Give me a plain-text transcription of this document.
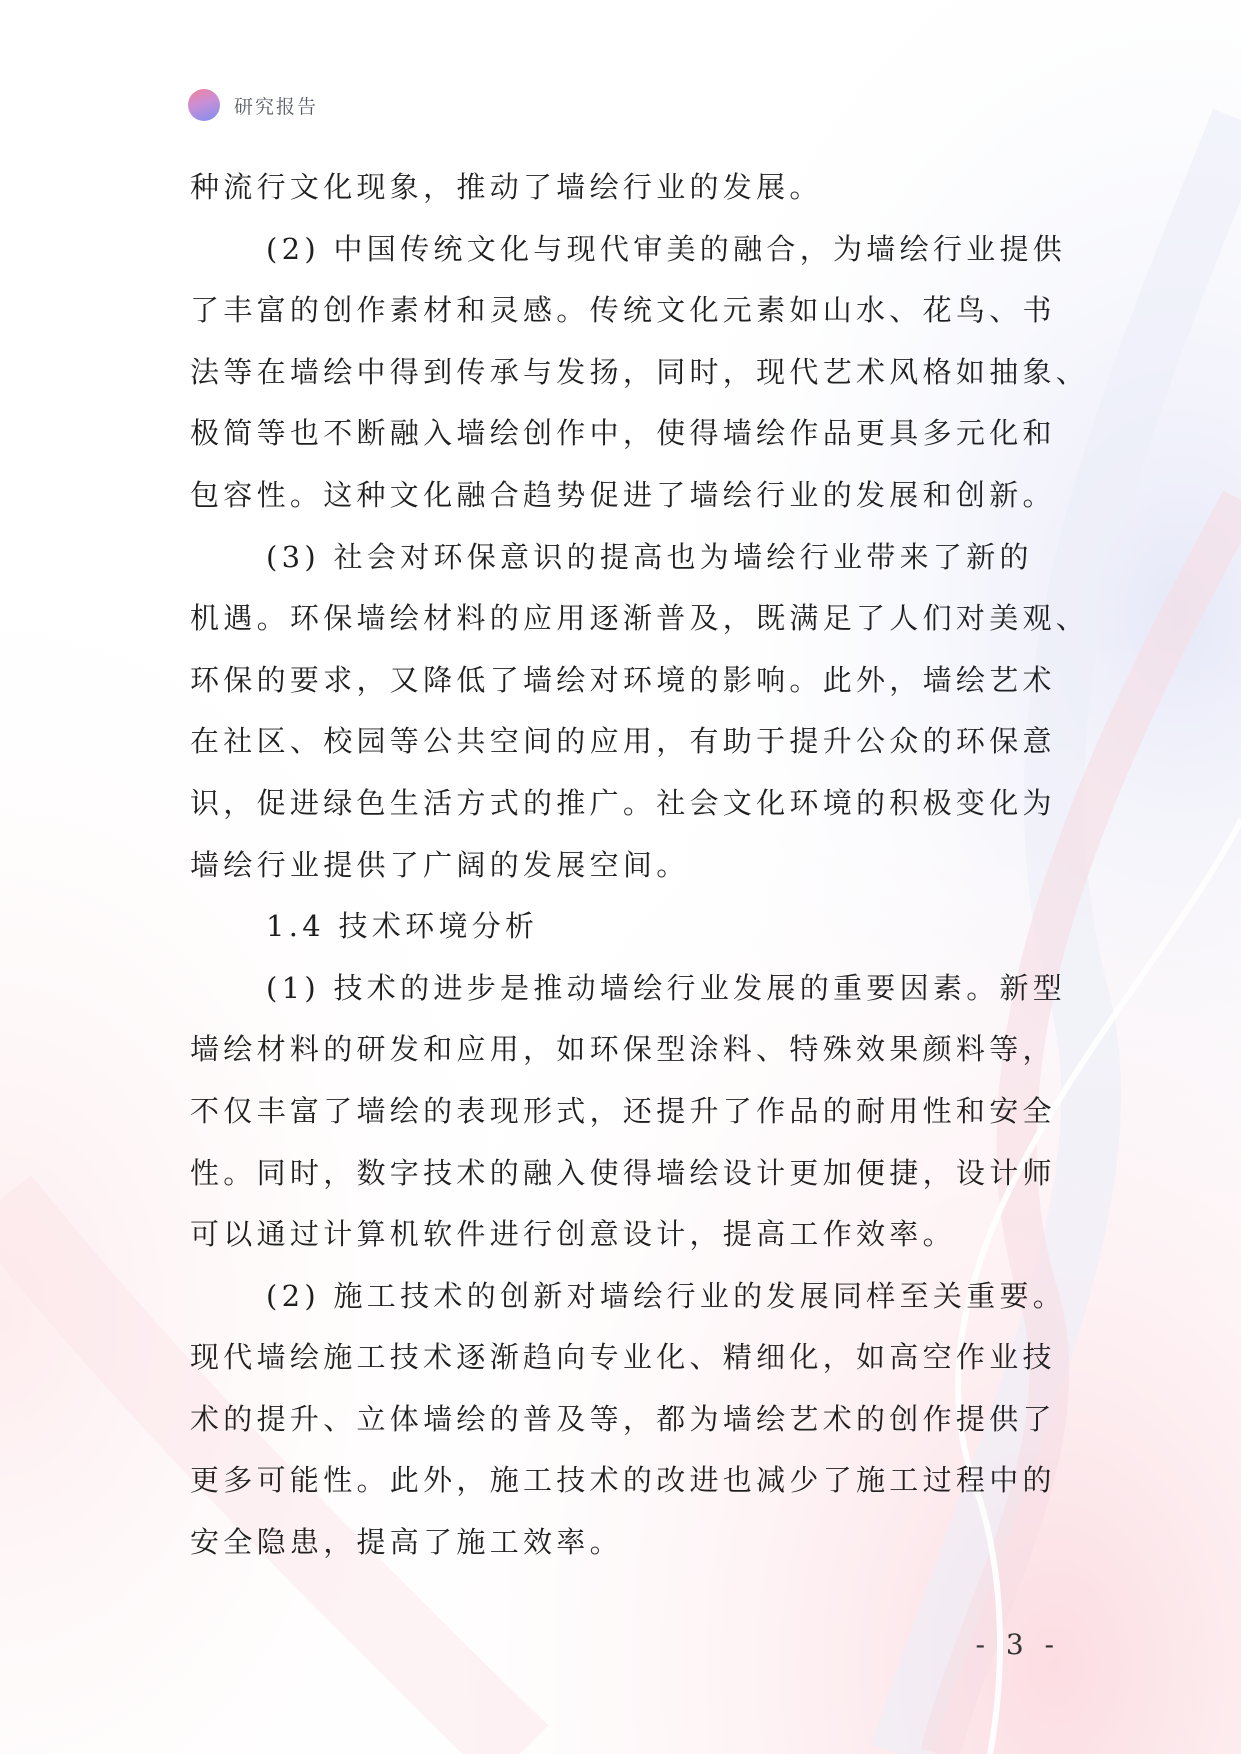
研究报告
种流行文化现象，推动了墙绘行业的发展。
(2) 中国传统文化与现代审美的融合，为墙绘行业提供
了丰富的创作素材和灵感。传统文化元素如山水、花鸟、书
法等在墙绘中得到传承与发扬，同时，现代艺术风格如抽象、
极简等也不断融入墙绘创作中，使得墙绘作品更具多元化和
包容性。这种文化融合趋势促进了墙绘行业的发展和创新。
(3) 社会对环保意识的提高也为墙绘行业带来了新的
机遇。环保墙绘材料的应用逐渐普及，既满足了人们对美观、
环保的要求，又降低了墙绘对环境的影响。此外，墙绘艺术
在社区、校园等公共空间的应用，有助于提升公众的环保意
识，促进绿色生活方式的推广。社会文化环境的积极变化为
墙绘行业提供了广阔的发展空间。
1.4 技术环境分析
(1) 技术的进步是推动墙绘行业发展的重要因素。新型
墙绘材料的研发和应用，如环保型涂料、特殊效果颜料等，
不仅丰富了墙绘的表现形式，还提升了作品的耐用性和安全
性。同时，数字技术的融入使得墙绘设计更加便捷，设计师
可以通过计算机软件进行创意设计，提高工作效率。
(2) 施工技术的创新对墙绘行业的发展同样至关重要。
现代墙绘施工技术逐渐趋向专业化、精细化，如高空作业技
术的提升、立体墙绘的普及等，都为墙绘艺术的创作提供了
更多可能性。此外，施工技术的改进也减少了施工过程中的
安全隐患，提高了施工效率。
- 3 -
